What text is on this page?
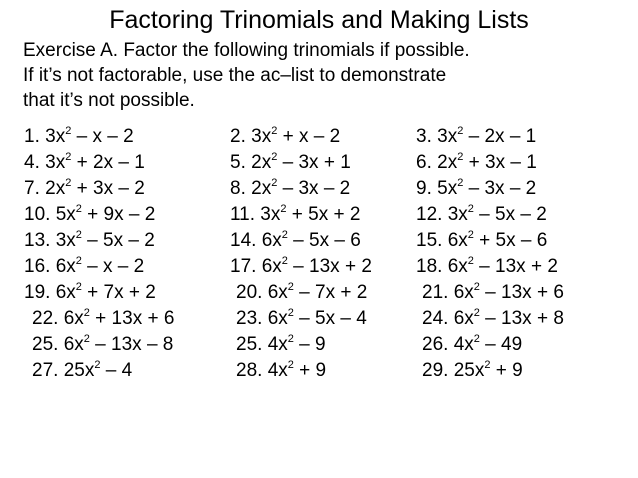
Factoring Trinomials and Making Lists
Exercise A. Factor the following trinomials if possible.
If it’s not factorable, use the ac–list to demonstrate
that it’s not possible.
1. $3x^2$ – x – 2	2. $3x^2 + x - 2$	3. $3x^2 - 2x - 1$
4. $3x^2 + 2x - 1$	5. $2x^2 - 3x + 1$	6. $2x^2 + 3x - 1$
7. $2x^2 + 3x - 2$	8. $2x^2 - 3x - 2$	9. $5x^2 - 3x - 2$
10. $5x^2 + 9x - 2$	11. $3x^2 + 5x + 2$	12. $3x^2 - 5x - 2$
13. $3x^2 - 5x - 2$	14. $6x^2 - 5x - 6$	15. $6x^2 + 5x - 6$
16. $6x^2$ – x – 2	17. $6x^2 - 13x + 2$ 18. $6x^2 - 13x + 2$
19. $6x^2 + 7x + 2$	20. $6x^2 - 7x + 2$	21. $6x^2 - 13x + 6$
22. $6x^2 + 13x + 6$	23. $6x^2 - 5x - 4$	24. $6x^2 - 13x + 8$
25. $6x^2 - 13x - 8$	25. $4x^2 - 9$	26. $4x^2 - 49$
27. $25x^2 - 4$	28. $4x^2 + 9$	29. $25x^2 + 9$
